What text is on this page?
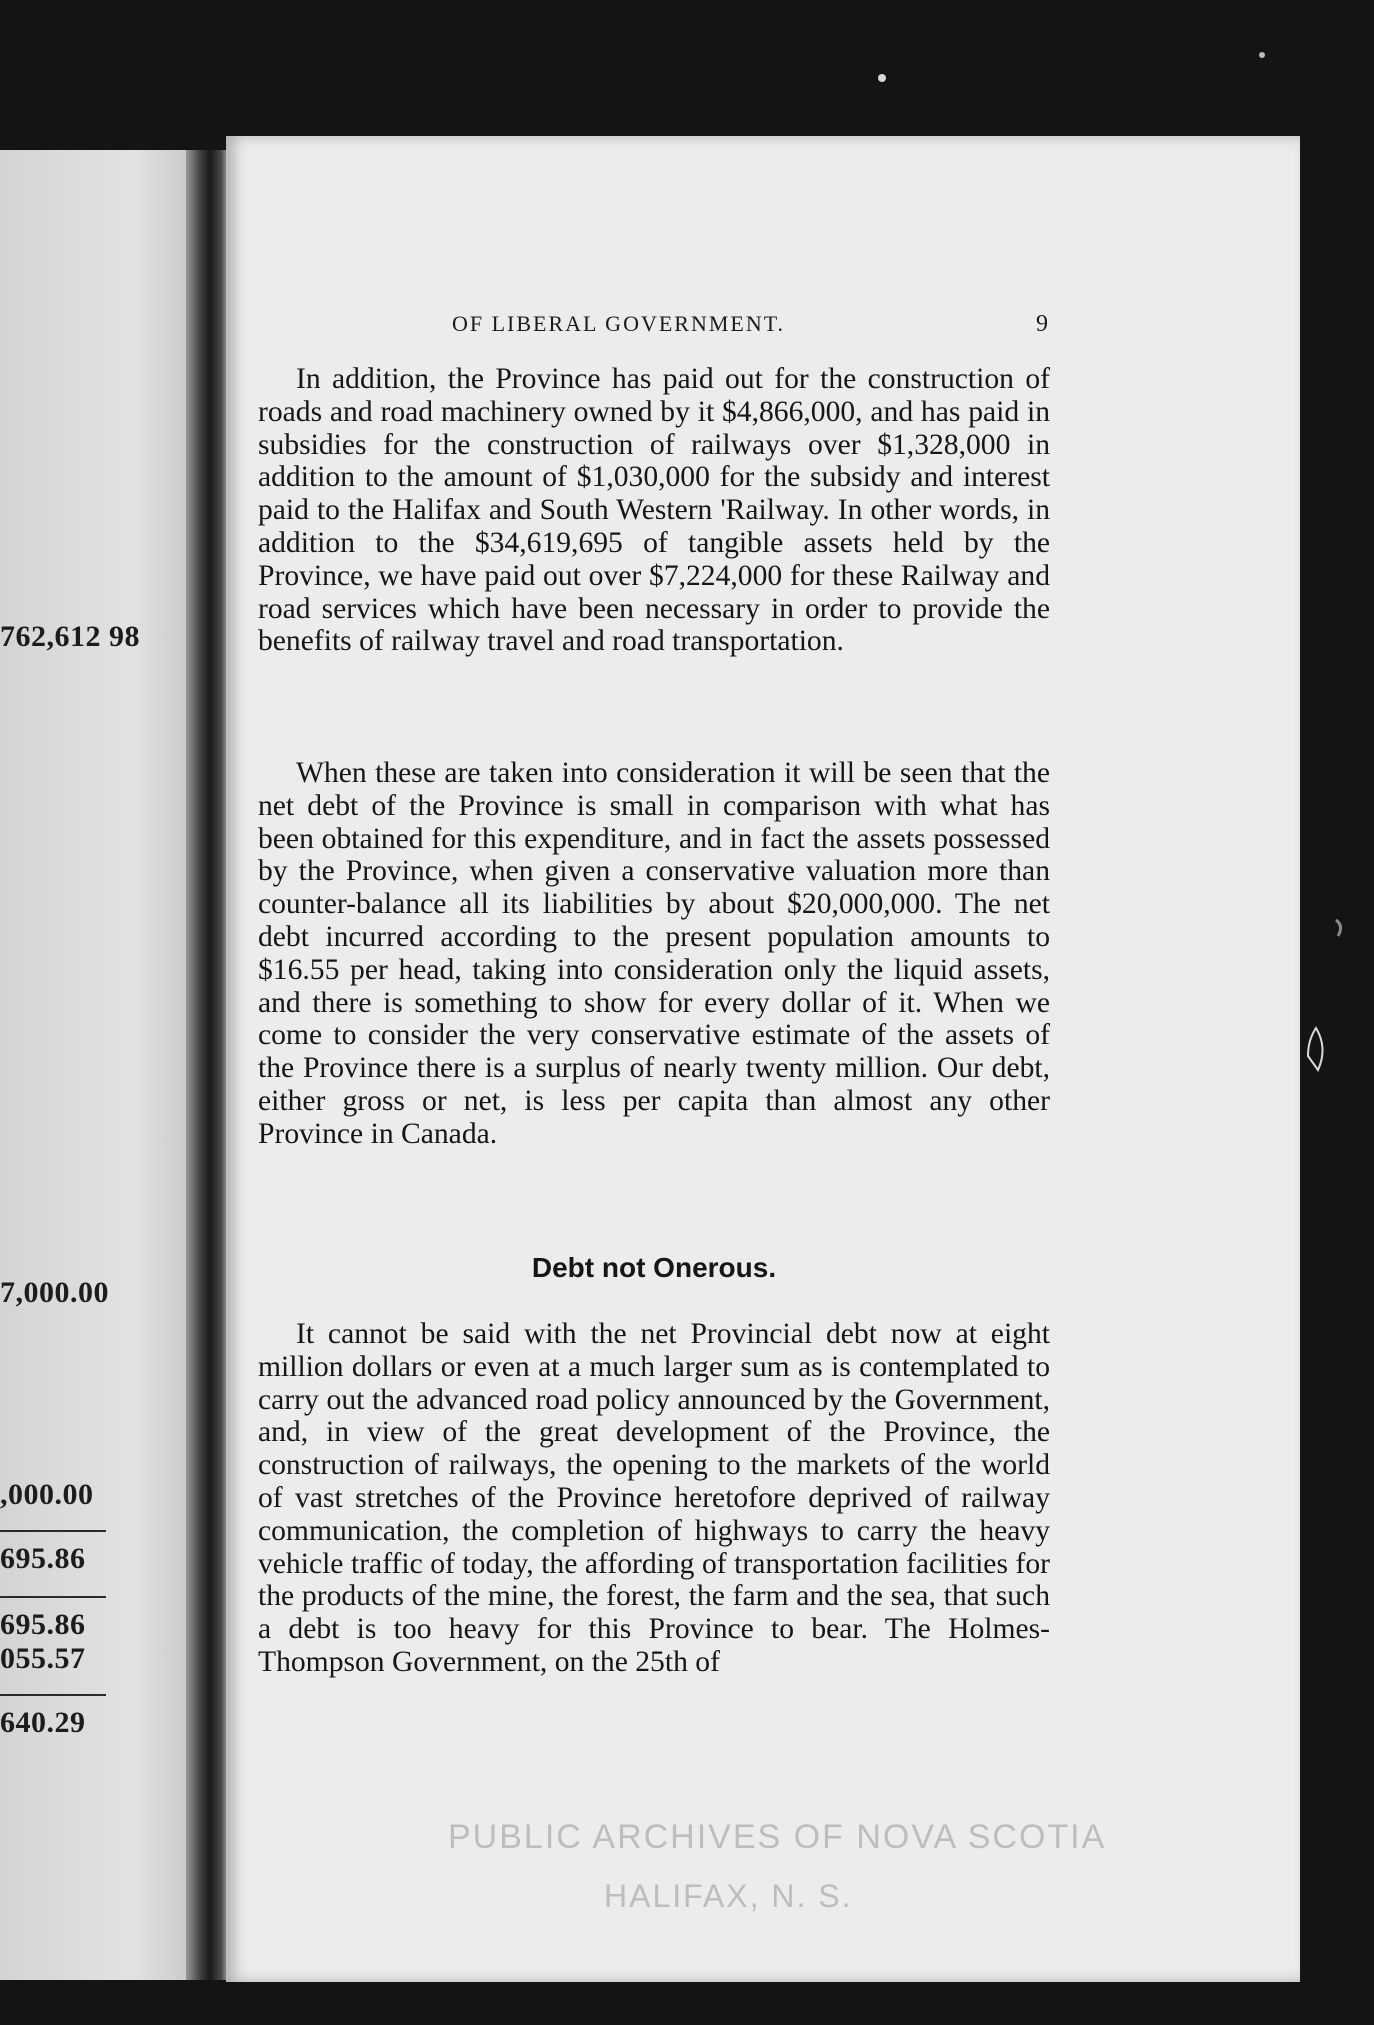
762,612 98
7,000.00
,000.00
695.86
695.86
055.57
640.29
OF LIBERAL GOVERNMENT.	9

In addition, the Province has paid out for the construction of roads and road machinery owned by it $4,866,000, and has paid in subsidies for the construction of railways over $1,328,000 in addition to the amount of $1,030,000 for the subsidy and interest paid to the Halifax and South Western 'Railway. In other words, in addition to the $34,619,695 of tangible assets held by the Province, we have paid out over $7,224,000 for these Railway and road services which have been necessary in order to provide the benefits of railway travel and road transportation.

When these are taken into consideration it will be seen that the net debt of the Province is small in comparison with what has been obtained for this expenditure, and in fact the assets possessed by the Province, when given a conservative valuation more than counter-balance all its liabilities by about $20,000,000. The net debt incurred according to the present population amounts to $16.55 per head, taking into consideration only the liquid assets, and there is something to show for every dollar of it. When we come to consider the very conservative estimate of the assets of the Province there is a surplus of nearly twenty million. Our debt, either gross or net, is less per capita than almost any other Province in Canada.

Debt not Onerous.

It cannot be said with the net Provincial debt now at eight million dollars or even at a much larger sum as is contemplated to carry out the advanced road policy announced by the Government, and, in view of the great development of the Province, the construction of railways, the opening to the markets of the world of vast stretches of the Province heretofore deprived of railway communication, the completion of highways to carry the heavy vehicle traffic of today, the affording of transportation facilities for the products of the mine, the forest, the farm and the sea, that such a debt is too heavy for this Province to bear. The Holmes-Thompson Government, on the 25th of

PUBLIC ARCHIVES OF NOVA SCOTIA
HALIFAX, N. S.
